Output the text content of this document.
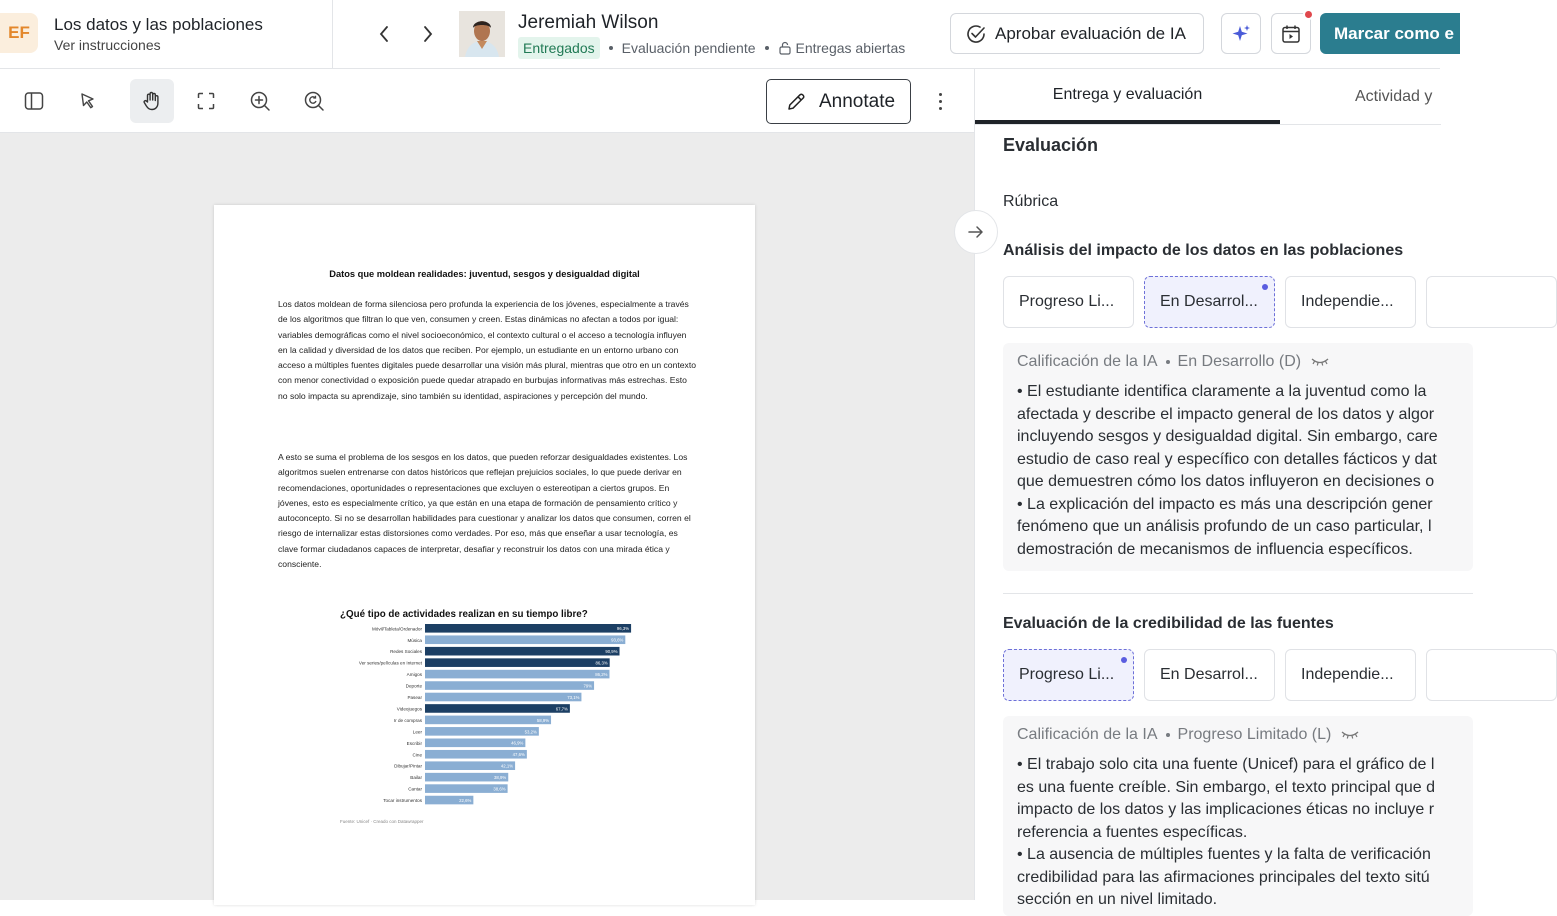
EF	Los datos y las poblaciones
Ver instrucciones
Jeremiah Wilson
Entregados	Evaluación pendiente	Entregas abiertas
Aprobar evaluación de IA	Marcar como e
Annotate
Datos que moldean realidades: juventud, sesgos y desigualdad digital
Los datos moldean de forma silenciosa pero profunda la experiencia de los jóvenes, especialmente a través de los algoritmos que filtran lo que ven, consumen y creen. Estas dinámicas no afectan a todos por igual: variables demográficas como el nivel socioeconómico, el contexto cultural o el acceso a tecnología influyen en la calidad y diversidad de los datos que reciben. Por ejemplo, un estudiante en un entorno urbano con acceso a múltiples fuentes digitales puede desarrollar una visión más plural, mientras que otro en un contexto con menor conectividad o exposición puede quedar atrapado en burbujas informativas más estrechas. Esto no solo impacta su aprendizaje, sino también su identidad, aspiraciones y percepción del mundo.
A esto se suma el problema de los sesgos en los datos, que pueden reforzar desigualdades existentes. Los algoritmos suelen entrenarse con datos históricos que reflejan prejuicios sociales, lo que puede derivar en recomendaciones, oportunidades o representaciones que excluyen o estereotipan a ciertos grupos. En jóvenes, esto es especialmente crítico, ya que están en una etapa de formación de pensamiento crítico y autoconcepto. Si no se desarrollan habilidades para cuestionar y analizar los datos que consumen, corren el riesgo de internalizar estas distorsiones como verdades. Por eso, más que enseñar a usar tecnología, es clave formar ciudadanos capaces de interpretar, desafiar y reconstruir los datos con una mirada ética y consciente.
¿Qué tipo de actividades realizan en su tiempo libre?
Móvil/Tableta/Ordenador	96,3%
Música	93,6%
Redes Sociales	90,9%
Ver series/películas en Internet	86,3%
Amigos	86,2%
Deporte	79%
Pasear	73,1%
Videojuegos	67,7%
Ir de compras	58,9%
Leer	53,2%
Escribir	46,9%
Cine	47,6%
Dibujar/Pintar	42,1%
Bailar	38,9%
Cantar	38,6%
Tocar instrumentos	22,6%
Fuente: Unicef · Creado con Datawrapper
Entrega y evaluación	Actividad y
Evaluación
Rúbrica
Análisis del impacto de los datos en las poblaciones
Progreso Li...	En Desarrol...	Independie...
Calificación de la IA En Desarrollo (D)
• El estudiante identifica claramente a la juventud como la
afectada y describe el impacto general de los datos y algor
incluyendo sesgos y desigualdad digital. Sin embargo, care
estudio de caso real y específico con detalles fácticos y dat
que demuestren cómo los datos influyeron en decisiones o
• La explicación del impacto es más una descripción gener
fenómeno que un análisis profundo de un caso particular, l
demostración de mecanismos de influencia específicos.
Evaluación de la credibilidad de las fuentes
Progreso Li...	En Desarrol...	Independie...
Calificación de la IA Progreso Limitado (L)
• El trabajo solo cita una fuente (Unicef) para el gráfico de l
es una fuente creíble. Sin embargo, el texto principal que d
impacto de los datos y las implicaciones éticas no incluye r
referencia a fuentes específicas.
• La ausencia de múltiples fuentes y la falta de verificación
credibilidad para las afirmaciones principales del texto sitú
sección en un nivel limitado.
